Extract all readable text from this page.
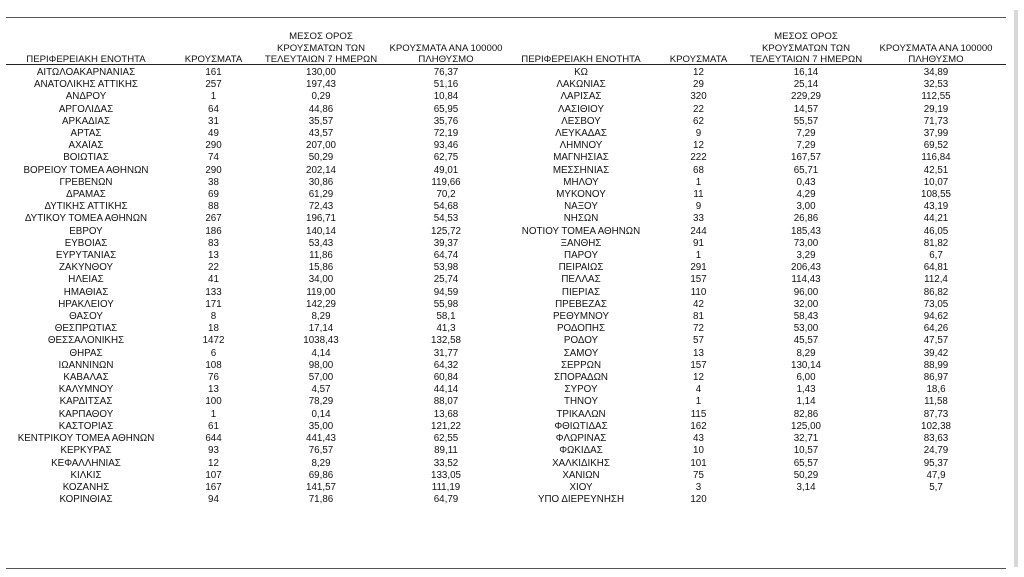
ΠΕΡΙΦΕΡΕΙΑΚΗ ΕΝΟΤΗΤΑ	ΚΡΟΥΣΜΑΤΑ	ΜΕΣΟΣ ΟΡΟΣ ΚΡΟΥΣΜΑΤΩΝ ΤΩΝ ΤΕΛΕΥΤΑΙΩΝ 7 ΗΜΕΡΩΝ	ΚΡΟΥΣΜΑΤΑ ΑΝΑ 100000 ΠΛΗΘΥΣΜΟ	ΠΕΡΙΦΕΡΕΙΑΚΗ ΕΝΟΤΗΤΑ	ΚΡΟΥΣΜΑΤΑ	ΜΕΣΟΣ ΟΡΟΣ ΚΡΟΥΣΜΑΤΩΝ ΤΩΝ ΤΕΛΕΥΤΑΙΩΝ 7 ΗΜΕΡΩΝ	ΚΡΟΥΣΜΑΤΑ ΑΝΑ 100000 ΠΛΗΘΥΣΜΟ
ΑΙΤΩΛΟΑΚΑΡΝΑΝΙΑΣ	161	130,00	76,37	ΚΩ	12	16,14	34,89
ΑΝΑΤΟΛΙΚΗΣ ΑΤΤΙΚΗΣ	257	197,43	51,16	ΛΑΚΩΝΙΑΣ	29	25,14	32,53
ΑΝΔΡΟΥ	1	0,29	10,84	ΛΑΡΙΣΑΣ	320	229,29	112,55
ΑΡΓΟΛΙΔΑΣ	64	44,86	65,95	ΛΑΣΙΘΙΟΥ	22	14,57	29,19
ΑΡΚΑΔΙΑΣ	31	35,57	35,76	ΛΕΣΒΟΥ	62	55,57	71,73
ΑΡΤΑΣ	49	43,57	72,19	ΛΕΥΚΑΔΑΣ	9	7,29	37,99
ΑΧΑΪΑΣ	290	207,00	93,46	ΛΗΜΝΟΥ	12	7,29	69,52
ΒΟΙΩΤΙΑΣ	74	50,29	62,75	ΜΑΓΝΗΣΙΑΣ	222	167,57	116,84
ΒΟΡΕΙΟΥ ΤΟΜΕΑ ΑΘΗΝΩΝ	290	202,14	49,01	ΜΕΣΣΗΝΙΑΣ	68	65,71	42,51
ΓΡΕΒΕΝΩΝ	38	30,86	119,66	ΜΗΛΟΥ	1	0,43	10,07
ΔΡΑΜΑΣ	69	61,29	70,2	ΜΥΚΟΝΟΥ	11	4,29	108,55
ΔΥΤΙΚΗΣ ΑΤΤΙΚΗΣ	88	72,43	54,68	ΝΑΞΟΥ	9	3,00	43,19
ΔΥΤΙΚΟΥ ΤΟΜΕΑ ΑΘΗΝΩΝ	267	196,71	54,53	ΝΗΣΩΝ	33	26,86	44,21
ΕΒΡΟΥ	186	140,14	125,72	ΝΟΤΙΟΥ ΤΟΜΕΑ ΑΘΗΝΩΝ	244	185,43	46,05
ΕΥΒΟΙΑΣ	83	53,43	39,37	ΞΑΝΘΗΣ	91	73,00	81,82
ΕΥΡΥΤΑΝΙΑΣ	13	11,86	64,74	ΠΑΡΟΥ	1	3,29	6,7
ΖΑΚΥΝΘΟΥ	22	15,86	53,98	ΠΕΙΡΑΙΩΣ	291	206,43	64,81
ΗΛΕΙΑΣ	41	34,00	25,74	ΠΕΛΛΑΣ	157	114,43	112,4
ΗΜΑΘΙΑΣ	133	119,00	94,59	ΠΙΕΡΙΑΣ	110	96,00	86,82
ΗΡΑΚΛΕΙΟΥ	171	142,29	55,98	ΠΡΕΒΕΖΑΣ	42	32,00	73,05
ΘΑΣΟΥ	8	8,29	58,1	ΡΕΘΥΜΝΟΥ	81	58,43	94,62
ΘΕΣΠΡΩΤΙΑΣ	18	17,14	41,3	ΡΟΔΟΠΗΣ	72	53,00	64,26
ΘΕΣΣΑΛΟΝΙΚΗΣ	1472	1038,43	132,58	ΡΟΔΟΥ	57	45,57	47,57
ΘΗΡΑΣ	6	4,14	31,77	ΣΑΜΟΥ	13	8,29	39,42
ΙΩΑΝΝΙΝΩΝ	108	98,00	64,32	ΣΕΡΡΩΝ	157	130,14	88,99
ΚΑΒΑΛΑΣ	76	57,00	60,84	ΣΠΟΡΑΔΩΝ	12	6,00	86,97
ΚΑΛΥΜΝΟΥ	13	4,57	44,14	ΣΥΡΟΥ	4	1,43	18,6
ΚΑΡΔΙΤΣΑΣ	100	78,29	88,07	ΤΗΝΟΥ	1	1,14	11,58
ΚΑΡΠΑΘΟΥ	1	0,14	13,68	ΤΡΙΚΑΛΩΝ	115	82,86	87,73
ΚΑΣΤΟΡΙΑΣ	61	35,00	121,22	ΦΘΙΩΤΙΔΑΣ	162	125,00	102,38
ΚΕΝΤΡΙΚΟΥ ΤΟΜΕΑ ΑΘΗΝΩΝ	644	441,43	62,55	ΦΛΩΡΙΝΑΣ	43	32,71	83,63
ΚΕΡΚΥΡΑΣ	93	76,57	89,11	ΦΩΚΙΔΑΣ	10	10,57	24,79
ΚΕΦΑΛΛΗΝΙΑΣ	12	8,29	33,52	ΧΑΛΚΙΔΙΚΗΣ	101	65,57	95,37
ΚΙΛΚΙΣ	107	69,86	133,05	ΧΑΝΙΩΝ	75	50,29	47,9
ΚΟΖΑΝΗΣ	167	141,57	111,19	ΧΙΟΥ	3	3,14	5,7
ΚΟΡΙΝΘΙΑΣ	94	71,86	64,79	ΥΠΟ ΔΙΕΡΕΥΝΗΣΗ	120		
